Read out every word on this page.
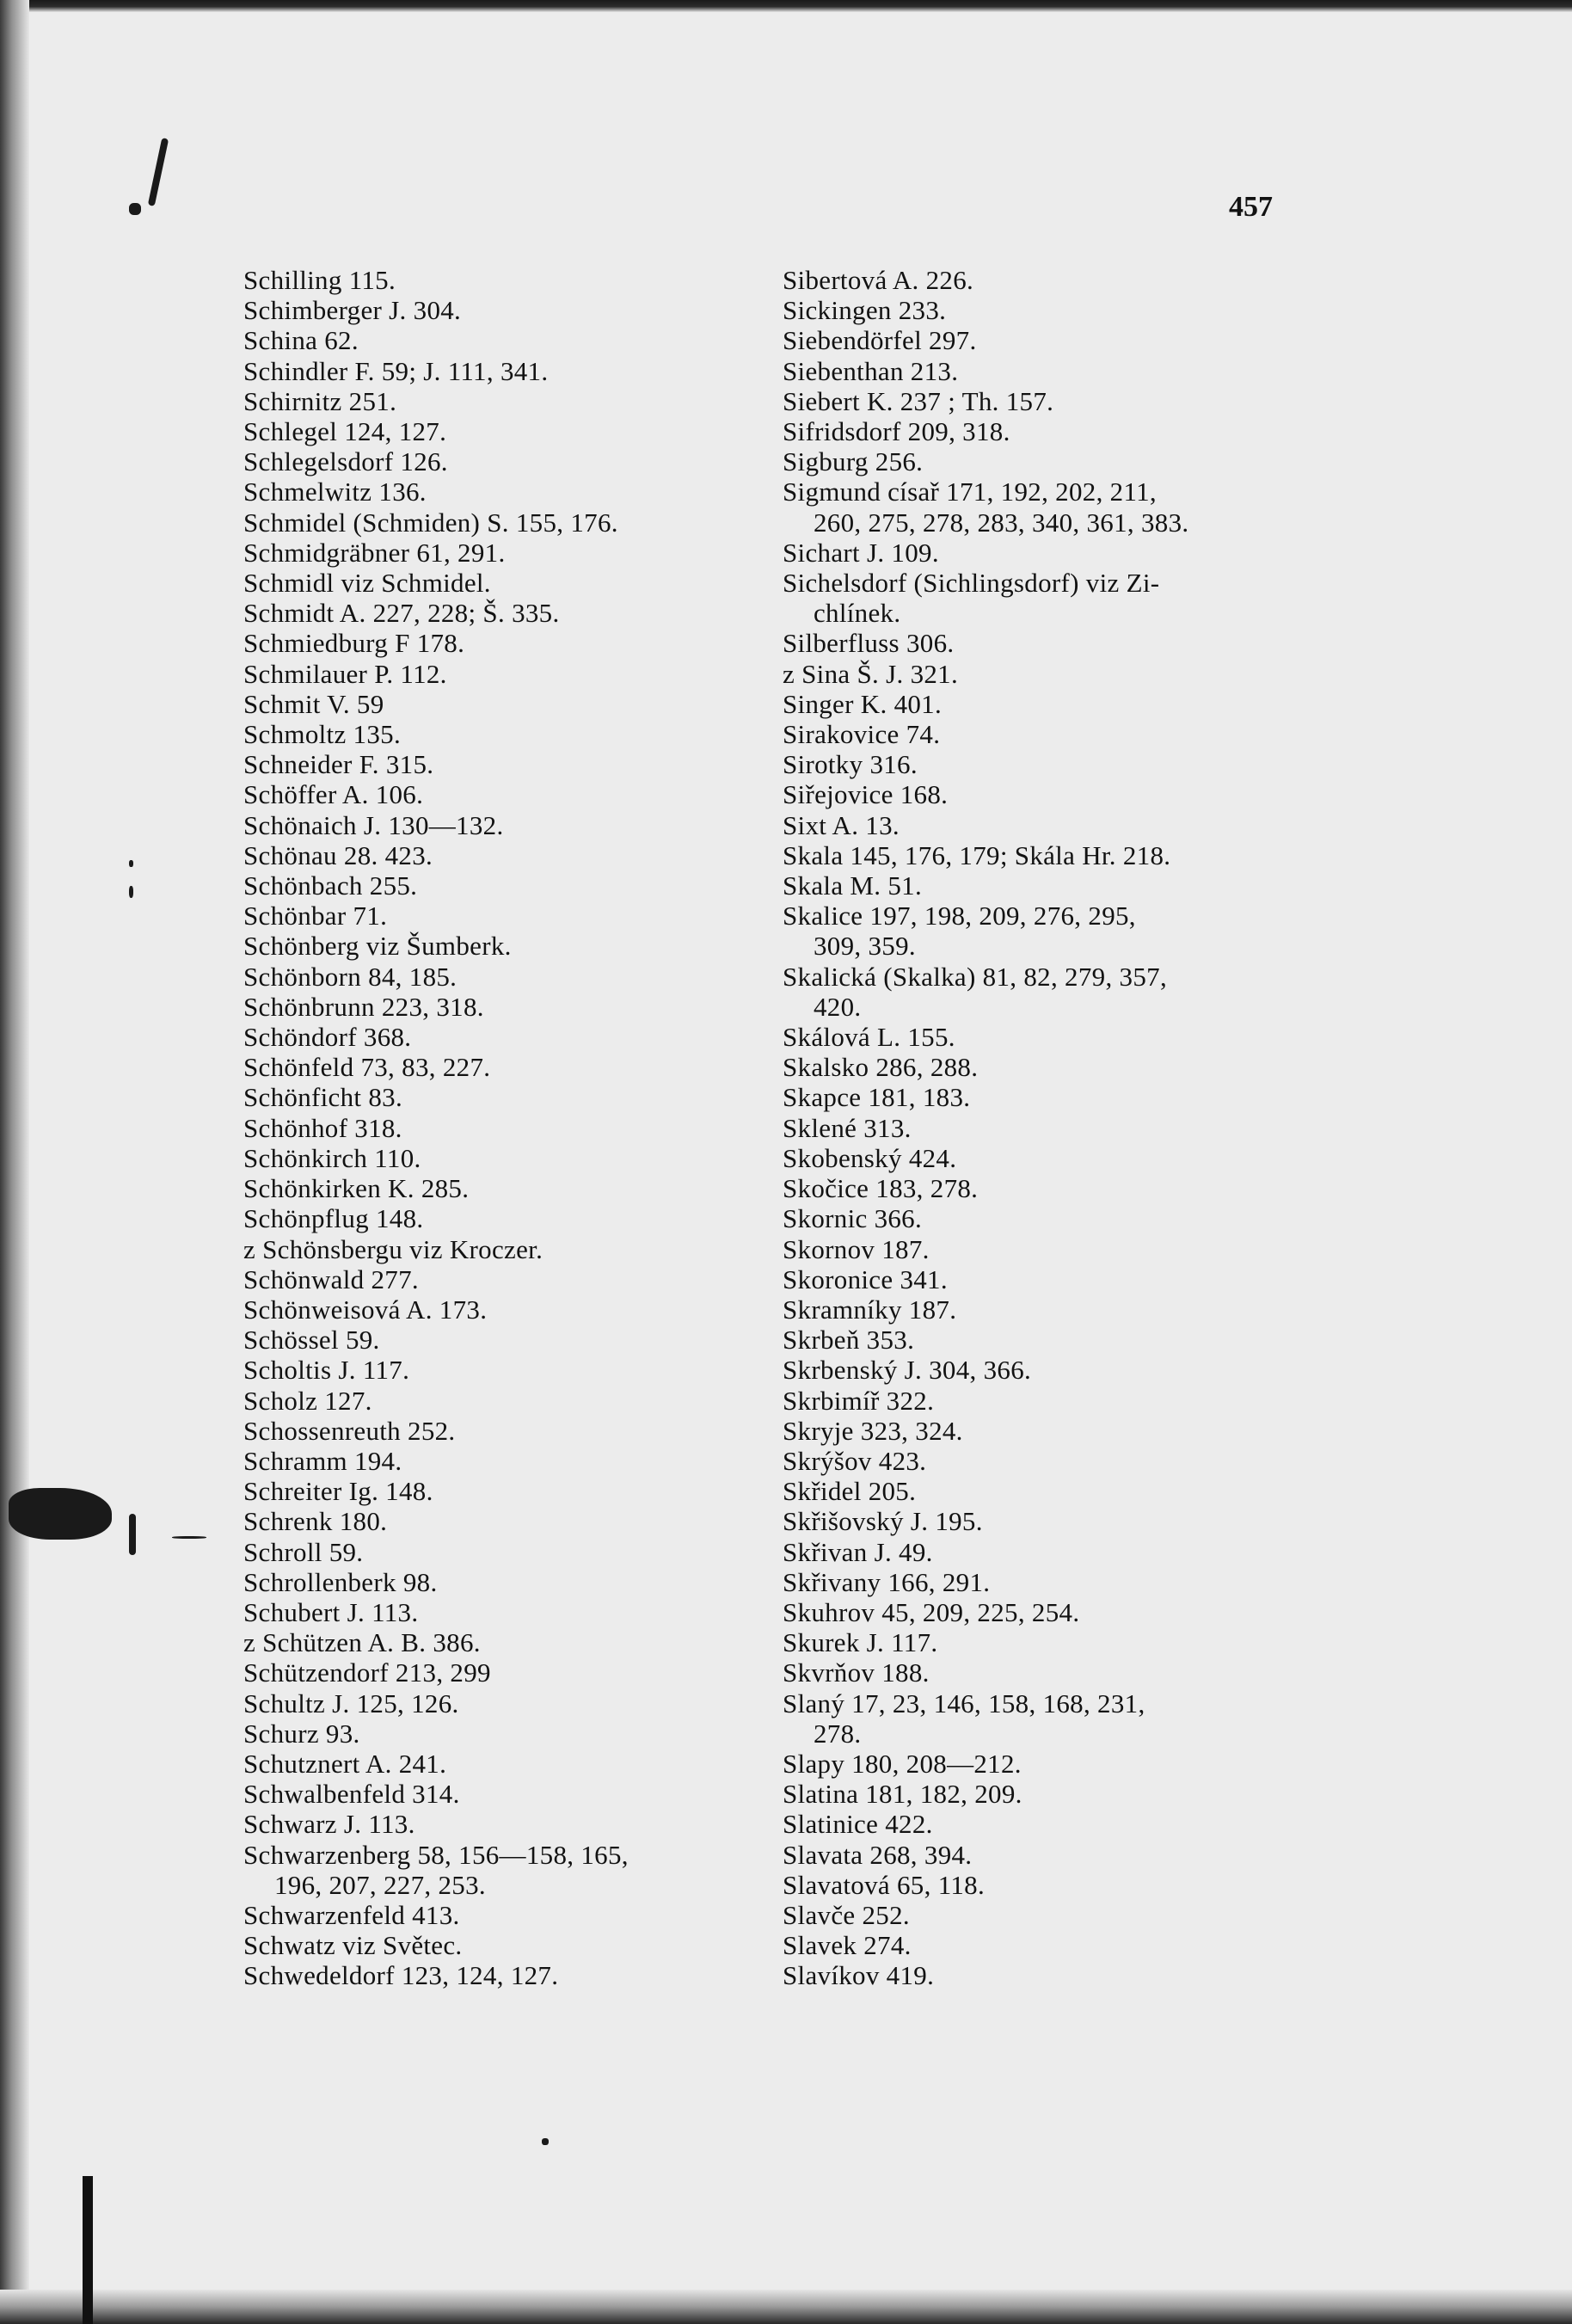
457
Schilling 115.
Schimberger J. 304.
Schina 62.
Schindler F. 59; J. 111, 341.
Schirnitz 251.
Schlegel 124, 127.
Schlegelsdorf 126.
Schmelwitz 136.
Schmidel (Schmiden) S. 155, 176.
Schmidgräbner 61, 291.
Schmidl viz Schmidel.
Schmidt A. 227, 228; Š. 335.
Schmiedburg F 178.
Schmilauer P. 112.
Schmit V. 59
Schmoltz 135.
Schneider F. 315.
Schöffer A. 106.
Schönaich J. 130—132.
Schönau 28. 423.
Schönbach 255.
Schönbar 71.
Schönberg viz Šumberk.
Schönborn 84, 185.
Schönbrunn 223, 318.
Schöndorf 368.
Schönfeld 73, 83, 227.
Schönficht 83.
Schönhof 318.
Schönkirch 110.
Schönkirken K. 285.
Schönpflug 148.
z Schönsbergu viz Kroczer.
Schönwald 277.
Schönweisová A. 173.
Schössel 59.
Scholtis J. 117.
Scholz 127.
Schossenreuth 252.
Schramm 194.
Schreiter Ig. 148.
Schrenk 180.
Schroll 59.
Schrollenberk 98.
Schubert J. 113.
z Schützen A. B. 386.
Schützendorf 213, 299
Schultz J. 125, 126.
Schurz 93.
Schutznert A. 241.
Schwalbenfeld 314.
Schwarz J. 113.
Schwarzenberg 58, 156—158, 165,
196, 207, 227, 253.
Schwarzenfeld 413.
Schwatz viz Světec.
Schwedeldorf 123, 124, 127.
Sibertová A. 226.
Sickingen 233.
Siebendörfel 297.
Siebenthan 213.
Siebert K. 237 ; Th. 157.
Sifridsdorf 209, 318.
Sigburg 256.
Sigmund císař 171, 192, 202, 211,
260, 275, 278, 283, 340, 361, 383.
Sichart J. 109.
Sichelsdorf (Sichlingsdorf) viz Zi-
chlínek.
Silberfluss 306.
z Sina Š. J. 321.
Singer K. 401.
Sirakovice 74.
Sirotky 316.
Siřejovice 168.
Sixt A. 13.
Skala 145, 176, 179; Skála Hr. 218.
Skala M. 51.
Skalice 197, 198, 209, 276, 295,
309, 359.
Skalická (Skalka) 81, 82, 279, 357,
420.
Skálová L. 155.
Skalsko 286, 288.
Skapce 181, 183.
Sklené 313.
Skobenský 424.
Skočice 183, 278.
Skornic 366.
Skornov 187.
Skoronice 341.
Skramníky 187.
Skrbeň 353.
Skrbenský J. 304, 366.
Skrbimíř 322.
Skryje 323, 324.
Skrýšov 423.
Skřidel 205.
Skřišovský J. 195.
Skřivan J. 49.
Skřivany 166, 291.
Skuhrov 45, 209, 225, 254.
Skurek J. 117.
Skvrňov 188.
Slaný 17, 23, 146, 158, 168, 231,
278.
Slapy 180, 208—212.
Slatina 181, 182, 209.
Slatinice 422.
Slavata 268, 394.
Slavatová 65, 118.
Slavče 252.
Slavek 274.
Slavíkov 419.
